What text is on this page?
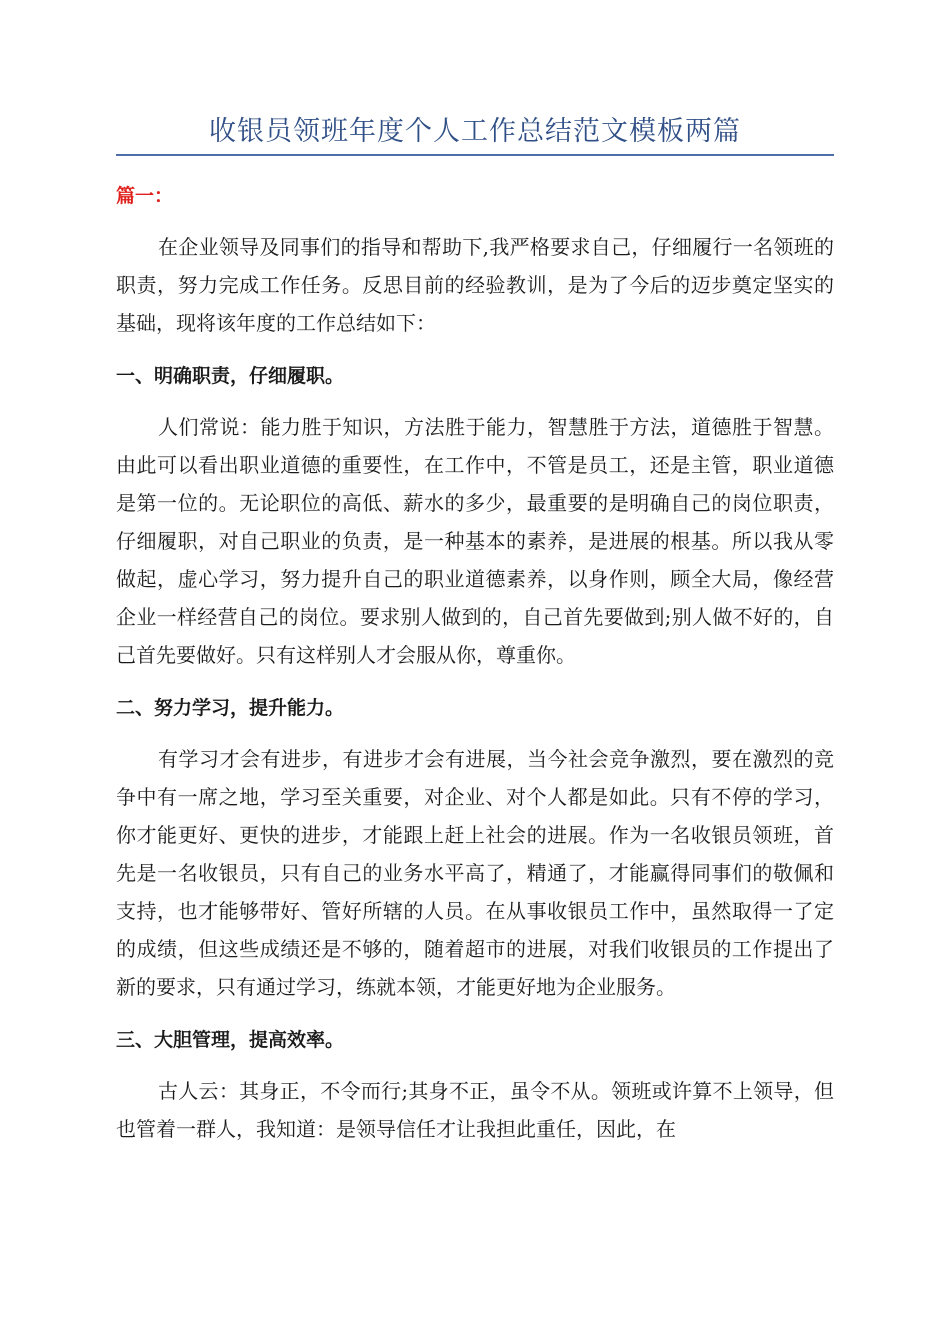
收银员领班年度个人工作总结范文模板两篇
篇一：

在企业领导及同事们的指导和帮助下,我严格要求自己，仔细履行一名领班的职责，努力完成工作任务。反思目前的经验教训，是为了今后的迈步奠定坚实的基础，现将该年度的工作总结如下：

一、明确职责，仔细履职。

人们常说：能力胜于知识，方法胜于能力，智慧胜于方法，道德胜于智慧。由此可以看出职业道德的重要性，在工作中，不管是员工，还是主管，职业道德是第一位的。无论职位的高低、薪水的多少，最重要的是明确自己的岗位职责，仔细履职，对自己职业的负责，是一种基本的素养，是进展的根基。所以我从零做起，虚心学习，努力提升自己的职业道德素养，以身作则，顾全大局，像经营企业一样经营自己的岗位。要求别人做到的，自己首先要做到;别人做不好的，自己首先要做好。只有这样别人才会服从你，尊重你。

二、努力学习，提升能力。

有学习才会有进步，有进步才会有进展，当今社会竞争激烈，要在激烈的竞争中有一席之地，学习至关重要，对企业、对个人都是如此。只有不停的学习，你才能更好、更快的进步，才能跟上赶上社会的进展。作为一名收银员领班，首先是一名收银员，只有自己的业务水平高了，精通了，才能赢得同事们的敬佩和支持，也才能够带好、管好所辖的人员。在从事收银员工作中，虽然取得一了定的成绩，但这些成绩还是不够的，随着超市的进展，对我们收银员的工作提出了新的要求，只有通过学习，练就本领，才能更好地为企业服务。

三、大胆管理，提高效率。

古人云：其身正，不令而行;其身不正，虽令不从。领班或许算不上领导，但也管着一群人，我知道：是领导信任才让我担此重任，因此，在
